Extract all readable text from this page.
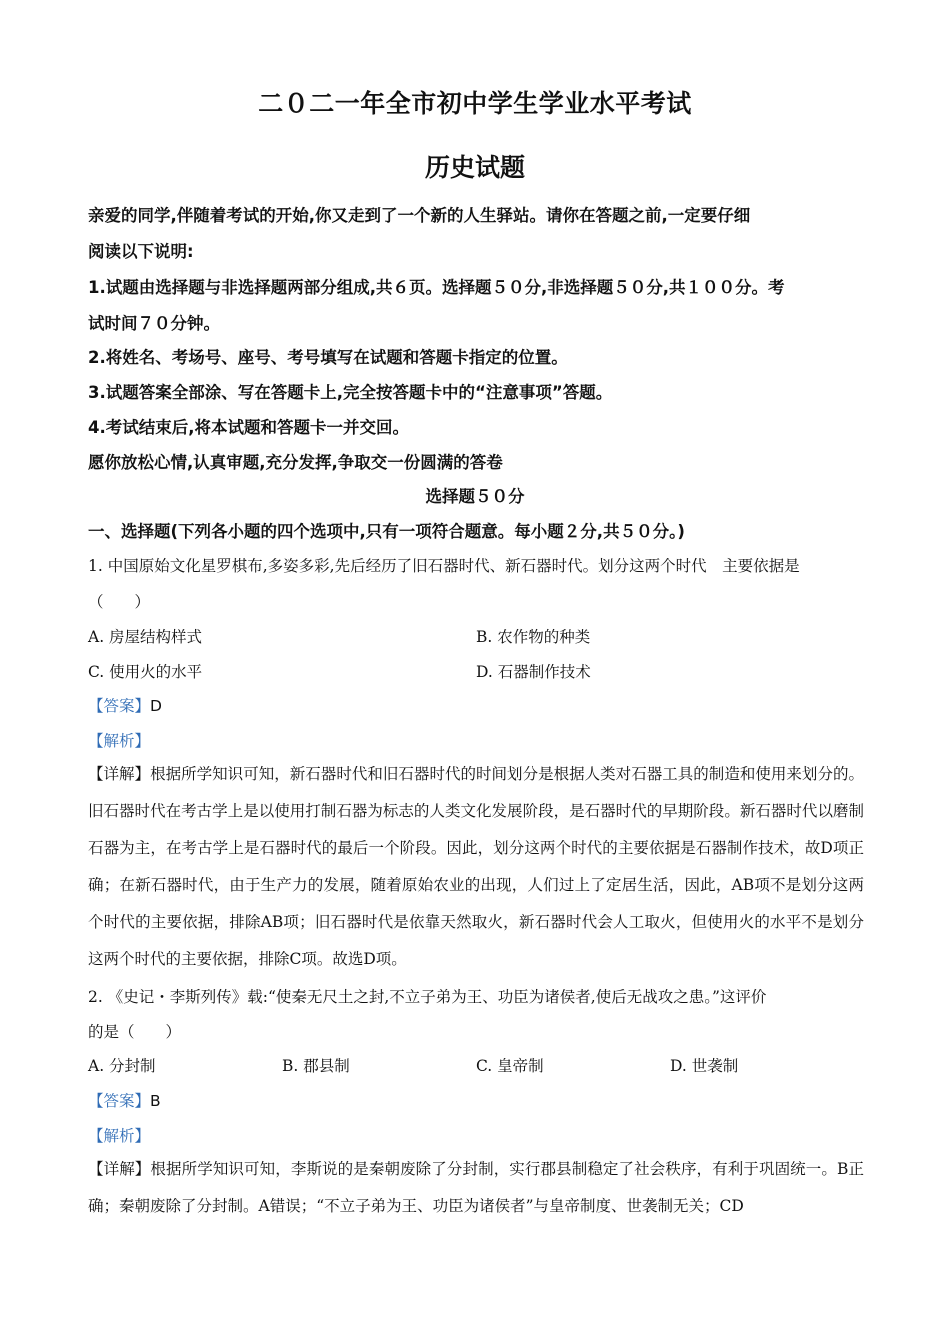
二０二一年全市初中学生学业水平考试
历史试题
亲爱的同学,伴随着考试的开始,你又走到了一个新的人生驿站。请你在答题之前,一定要仔细
阅读以下说明:
1.试题由选择题与非选择题两部分组成,共６页。选择题５０分,非选择题５０分,共１００分。考
试时间７０分钟。
2.将姓名、考场号、座号、考号填写在试题和答题卡指定的位置。
3.试题答案全部涂、写在答题卡上,完全按答题卡中的“注意事项”答题。
4.考试结束后,将本试题和答题卡一并交回。
愿你放松心情,认真审题,充分发挥,争取交一份圆满的答卷
选择题５０分
一、选择题(下列各小题的四个选项中,只有一项符合题意。每小题２分,共５０分。)
1. 中国原始文化星罗棋布,多姿多彩,先后经历了旧石器时代、新石器时代。划分这两个时代　主要依据是
（　　）
A. 房屋结构样式	B. 农作物的种类
C. 使用火的水平	D. 石器制作技术
【答案】D
【解析】
【详解】根据所学知识可知，新石器时代和旧石器时代的时间划分是根据人类对石器工具的制造和使用来划分的。旧石器时代在考古学上是以使用打制石器为标志的人类文化发展阶段，是石器时代的早期阶段。新石器时代以磨制石器为主，在考古学上是石器时代的最后一个阶段。因此，划分这两个时代的主要依据是石器制作技术，故D项正确；在新石器时代，由于生产力的发展，随着原始农业的出现，人们过上了定居生活，因此，AB项不是划分这两个时代的主要依据，排除AB项；旧石器时代是依靠天然取火，新石器时代会人工取火，但使用火的水平不是划分这两个时代的主要依据，排除C项。故选D项。
2. 《史记・李斯列传》载:“使秦无尺土之封,不立子弟为王、功臣为诸侯者,使后无战攻之患。”这评价
的是（　　）
A. 分封制	B. 郡县制	C. 皇帝制	D. 世袭制
【答案】B
【解析】
【详解】根据所学知识可知，李斯说的是秦朝废除了分封制，实行郡县制稳定了社会秩序，有利于巩固统一。B正确；秦朝废除了分封制。A错误；“不立子弟为王、功臣为诸侯者”与皇帝制度、世袭制无关；CD
